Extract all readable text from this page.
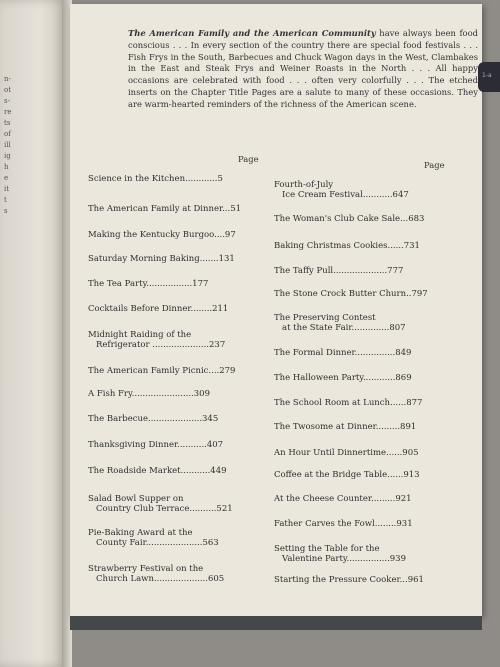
n-
ot
s-
re
ts
of
ill
ig
h
e
it
t
s
The American Family and the American Community have always been food conscious . . . In every section of the country there are special food festivals . . . Fish Frys in the South, Barbecues and Chuck Wagon days in the West, Clambakes in the East and Steak Frys and Weiner Roasts in the North . . . All happy occasions are celebrated with food . . . often very colorfully . . . The etched inserts on the Chapter Title Pages are a salute to many of these occasions. They are warm-hearted reminders of the richness of the American scene.
Page
Page
Science in the Kitchen............5
The American Family at Dinner...51
Making the Kentucky Burgoo....97
Saturday Morning Baking.......131
The Tea Party.................177
Cocktails Before Dinner........211
Midnight Raiding of the
Refrigerator .....................237
The American Family Picnic....279
A Fish Fry.......................309
The Barbecue....................345
Thanksgiving Dinner...........407
The Roadside Market...........449
Salad Bowl Supper on
Country Club Terrace..........521
Pie-Baking Award at the
County Fair.....................563
Strawberry Festival on the
Church Lawn....................605
Fourth-of-July
Ice Cream Festival...........647
The Woman's Club Cake Sale...683
Baking Christmas Cookies......731
The Taffy Pull....................777
The Stone Crock Butter Churn..797
The Preserving Contest
at the State Fair..............807
The Formal Dinner...............849
The Halloween Party............869
The School Room at Lunch......877
The Twosome at Dinner.........891
An Hour Until Dinnertime......905
Coffee at the Bridge Table......913
At the Cheese Counter.........921
Father Carves the Fowl........931
Setting the Table for the
Valentine Party................939
Starting the Pressure Cooker...961
1-a
